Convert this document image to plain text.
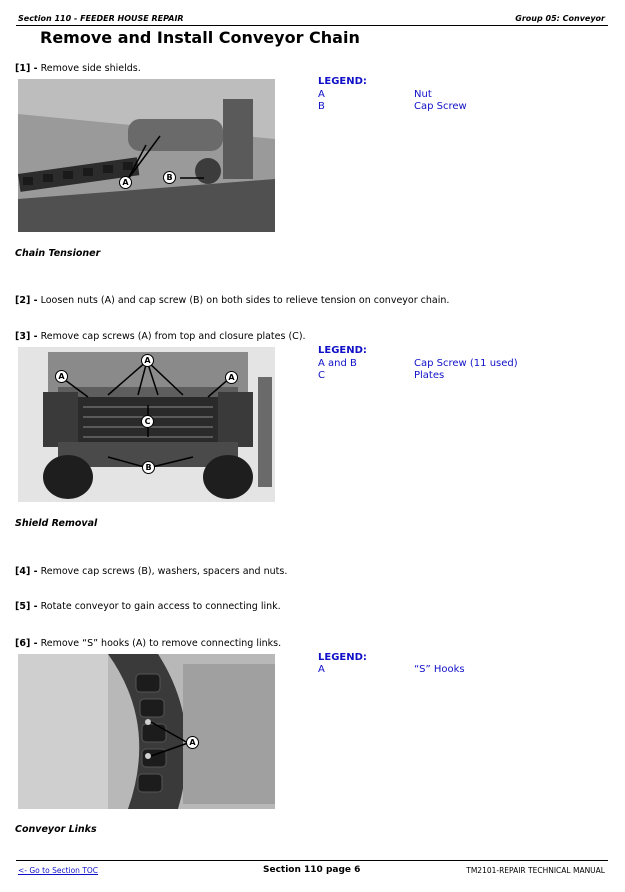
Section 110 - FEEDER HOUSE REPAIR	Group 05: Conveyor
Remove and Install Conveyor Chain
[1] - Remove side shields.
A
B
LEGEND:
A	Nut
B	Cap Screw
Chain Tensioner
[2] - Loosen nuts (A) and cap screw (B) on both sides to relieve tension on conveyor chain.
[3] - Remove cap screws (A) from top and closure plates (C).
A
A	A
C
B
LEGEND:
A and B	Cap Screw (11 used)
C	Plates
Shield Removal
[4] - Remove cap screws (B), washers, spacers and nuts.
[5] - Rotate conveyor to gain access to connecting link.
[6] - Remove “S” hooks (A) to remove connecting links.
A
LEGEND:
A	“S” Hooks
Conveyor Links
<- Go to Section TOC	Section 110 page 6	TM2101-REPAIR TECHNICAL MANUAL
